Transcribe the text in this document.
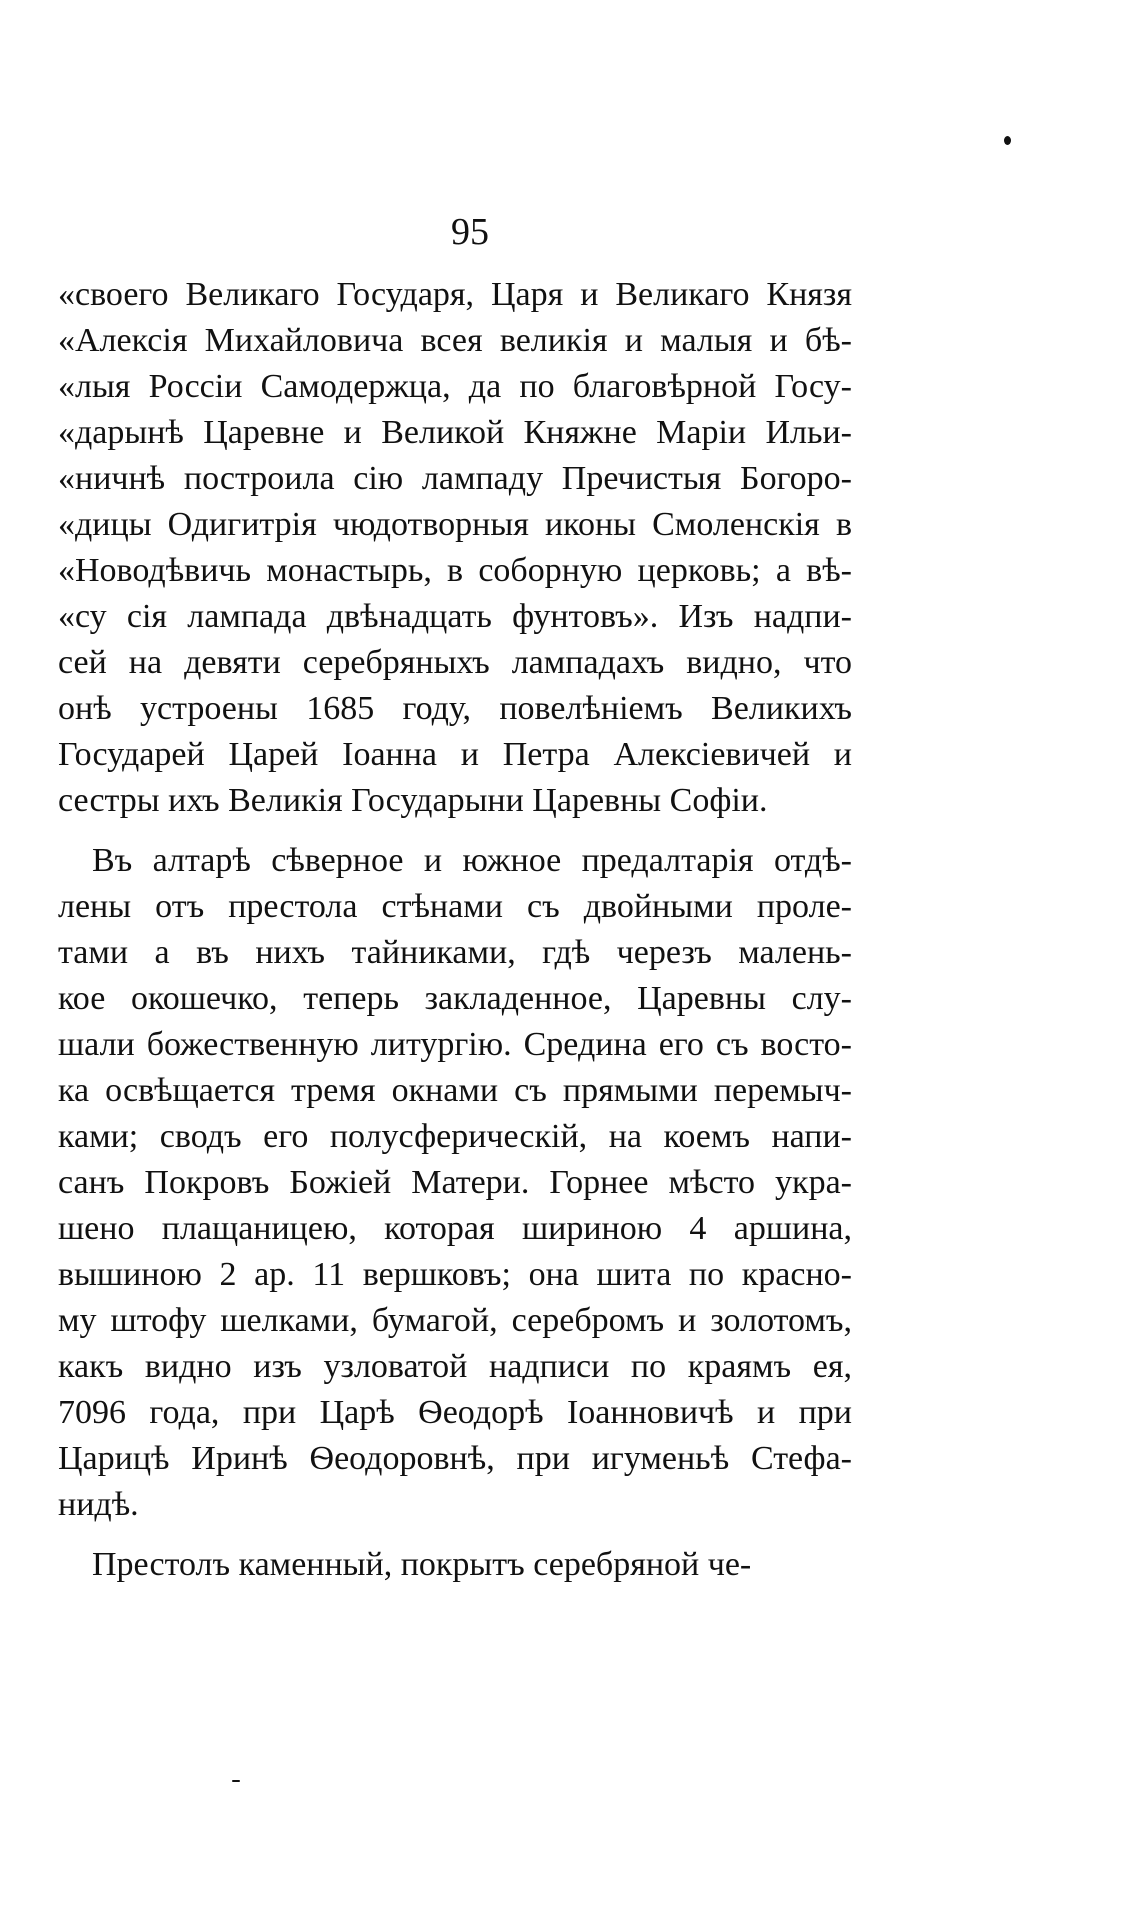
95
«своего Великаго Государя, Царя и Великаго Князя
«Алексія Михайловича всея великія и малыя и бѣ-
«лыя Россіи Самодержца, да по благовѣрной Госу-
«дарынѣ Царевне и Великой Княжне Маріи Ильи-
«ничнѣ построила сію лампаду Пречистыя Богоро-
«дицы Одигитрія чюдотворныя иконы Смоленскія в
«Новодѣвичь монастырь, в соборную церковь; а вѣ-
«су сія лампада двѣнадцать фунтовъ». Изъ надпи-
сей на девяти серебряныхъ лампадахъ видно, что
онѣ устроены 1685 году, повелѣніемъ Великихъ
Государей Царей Іоанна и Петра Алексіевичей и
сестры ихъ Великія Государыни Царевны Софіи.
Въ алтарѣ сѣверное и южное предалтарія отдѣ-
лены отъ престола стѣнами съ двойными проле-
тами а въ нихъ тайниками, гдѣ черезъ малень-
кое окошечко, теперь закладенное, Царевны слу-
шали божественную литургію. Средина его съ восто-
ка освѣщается тремя окнами съ прямыми перемыч-
ками; сводъ его полусферическій, на коемъ напи-
санъ Покровъ Божіей Матери. Горнее мѣсто укра-
шено плащаницею, которая шириною 4 аршина,
вышиною 2 ар. 11 вершковъ; она шита по красно-
му штофу шелками, бумагой, серебромъ и золотомъ,
какъ видно изъ узловатой надписи по краямъ ея,
7096 года, при Царѣ Ѳеодорѣ Іоанновичѣ и при
Царицѣ Иринѣ Ѳеодоровнѣ, при игуменьѣ Стефа-
нидѣ.
Престолъ каменный, покрытъ серебряной че-
